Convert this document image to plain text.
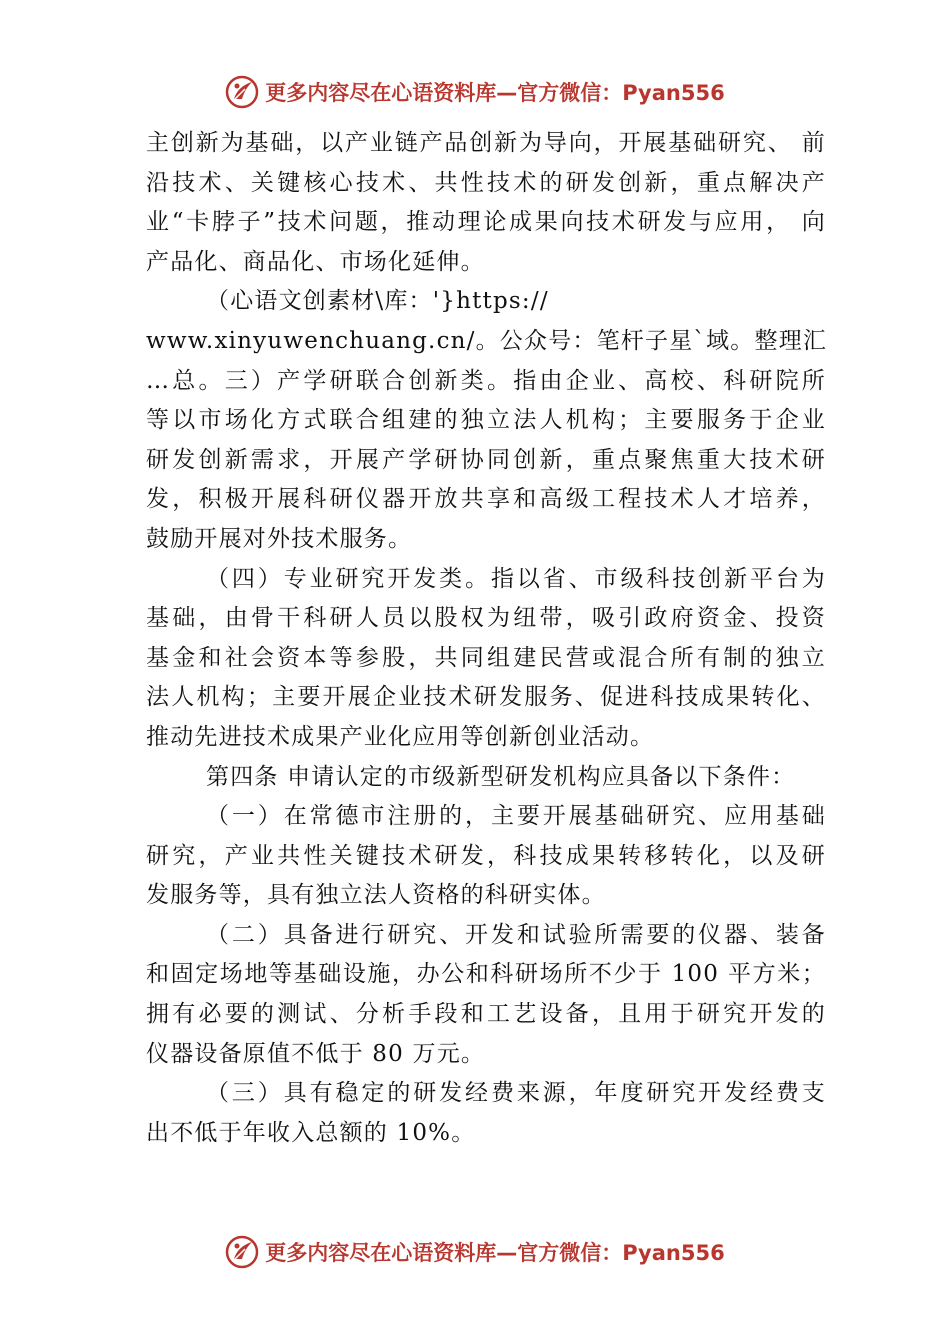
更多内容尽在心语资料库—官方微信：Pyan556
主创新为基础，以产业链产品创新为导向，开展基础研究、 前
沿技术、关键核心技术、共性技术的研发创新，重点解决产
业“卡脖子”技术问题，推动理论成果向技术研发与应用， 向
产品化、商品化、市场化延伸。
（心语文创素材\库：'}https://
www.xinyuwenchuang.cn/。公众号：笔杆子星`域。整理汇
…总。三）产学研联合创新类。指由企业、高校、科研院所
等以市场化方式联合组建的独立法人机构；主要服务于企业
研发创新需求，开展产学研协同创新，重点聚焦重大技术研
发，积极开展科研仪器开放共享和高级工程技术人才培养，
鼓励开展对外技术服务。
（四）专业研究开发类。指以省、市级科技创新平台为
基础，由骨干科研人员以股权为纽带，吸引政府资金、投资
基金和社会资本等参股，共同组建民营或混合所有制的独立
法人机构；主要开展企业技术研发服务、促进科技成果转化、
推动先进技术成果产业化应用等创新创业活动。
第四条 申请认定的市级新型研发机构应具备以下条件：
（一）在常德市注册的，主要开展基础研究、应用基础
研究，产业共性关键技术研发，科技成果转移转化，以及研
发服务等，具有独立法人资格的科研实体。
（二）具备进行研究、开发和试验所需要的仪器、装备
和固定场地等基础设施，办公和科研场所不少于 100 平方米；
拥有必要的测试、分析手段和工艺设备，且用于研究开发的
仪器设备原值不低于 80 万元。
（三）具有稳定的研发经费来源，年度研究开发经费支
出不低于年收入总额的 10%。
更多内容尽在心语资料库—官方微信：Pyan556
